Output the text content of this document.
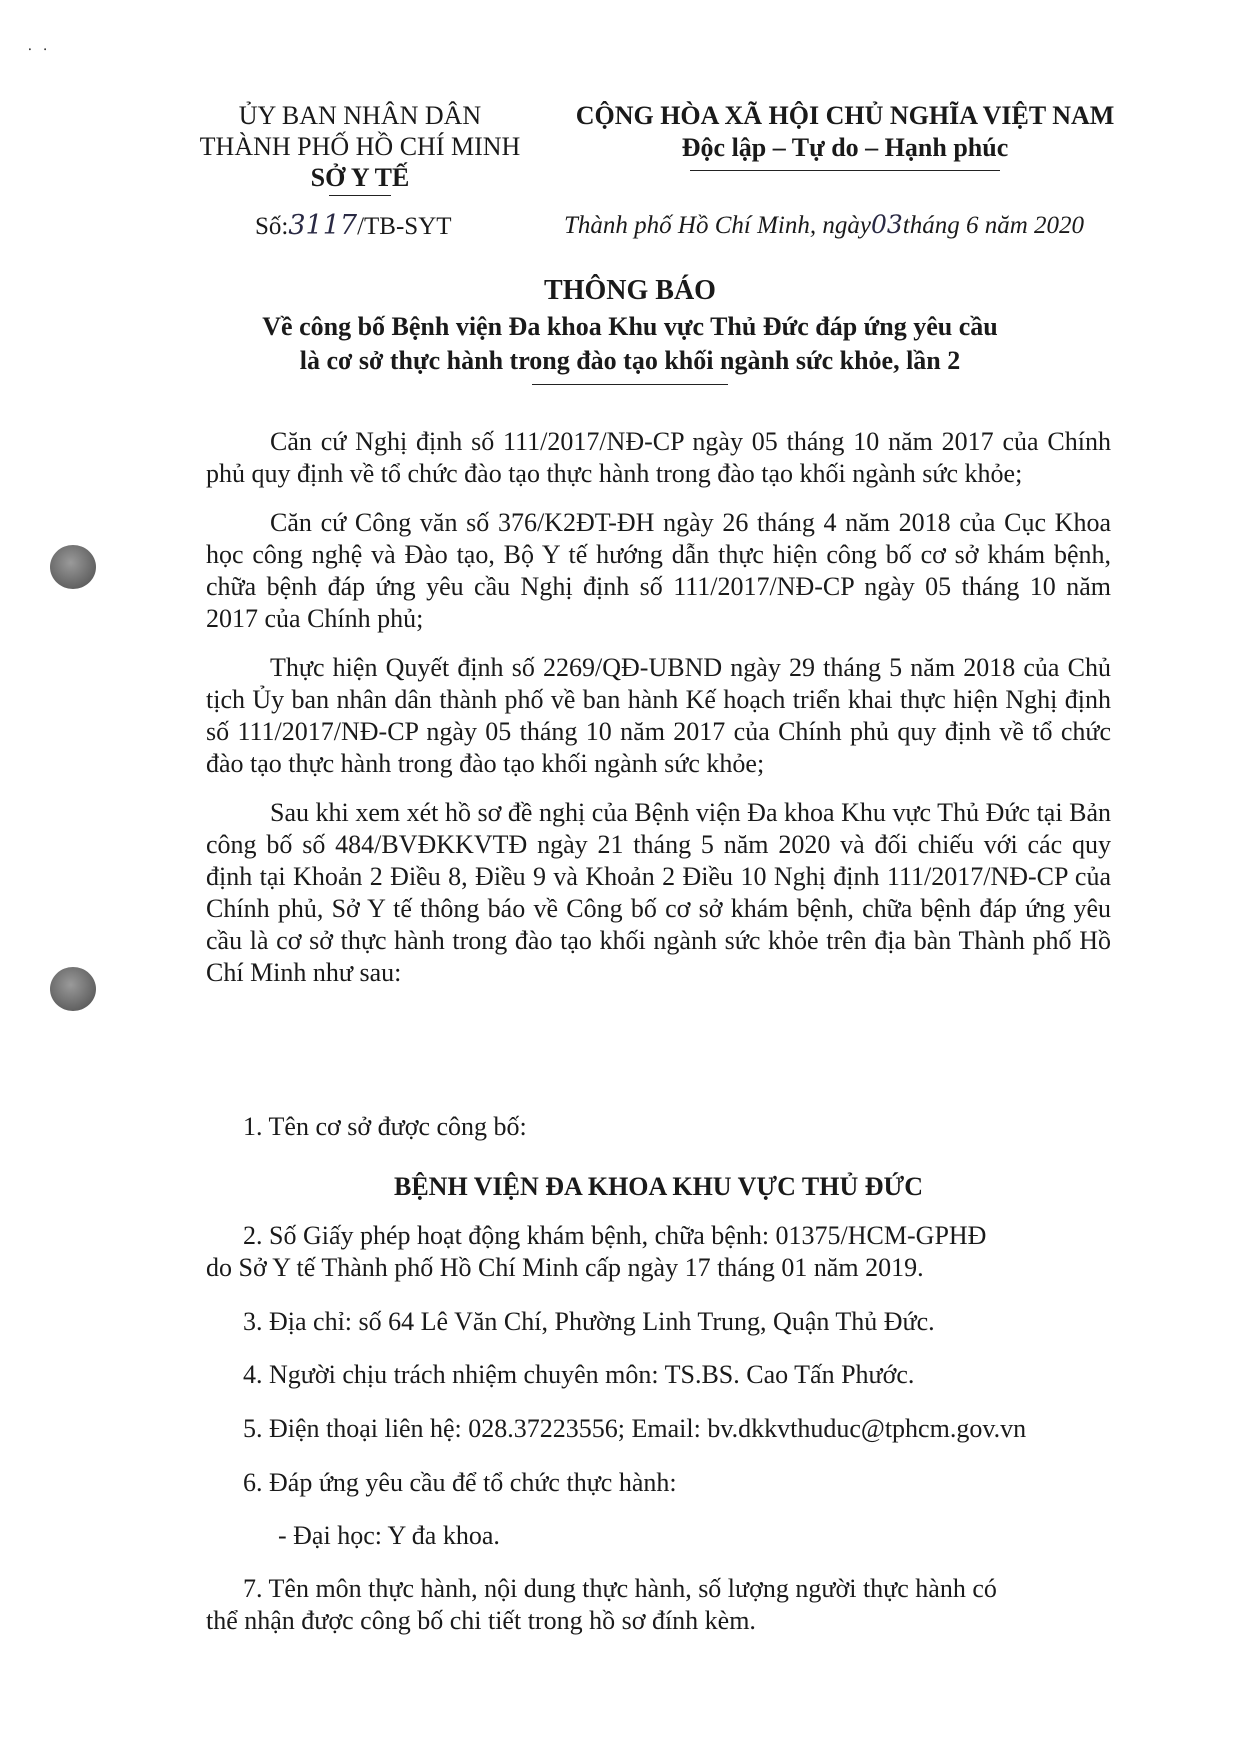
⸱ ⸱
ỦY BAN NHÂN DÂN
THÀNH PHỐ HỒ CHÍ MINH
SỞ Y TẾ
CỘNG HÒA XÃ HỘI CHỦ NGHĨA VIỆT NAM
Độc lập – Tự do – Hạnh phúc
Số:3117/TB-SYT	Thành phố Hồ Chí Minh, ngày03tháng 6 năm 2020
THÔNG BÁO
Về công bố Bệnh viện Đa khoa Khu vực Thủ Đức đáp ứng yêu cầu
là cơ sở thực hành trong đào tạo khối ngành sức khỏe, lần 2

Căn cứ Nghị định số 111/2017/NĐ-CP ngày 05 tháng 10 năm 2017 của Chính phủ quy định về tổ chức đào tạo thực hành trong đào tạo khối ngành sức khỏe;

Căn cứ Công văn số 376/K2ĐT-ĐH ngày 26 tháng 4 năm 2018 của Cục Khoa học công nghệ và Đào tạo, Bộ Y tế hướng dẫn thực hiện công bố cơ sở khám bệnh, chữa bệnh đáp ứng yêu cầu Nghị định số 111/2017/NĐ-CP ngày 05 tháng 10 năm 2017 của Chính phủ;

Thực hiện Quyết định số 2269/QĐ-UBND ngày 29 tháng 5 năm 2018 của Chủ tịch Ủy ban nhân dân thành phố về ban hành Kế hoạch triển khai thực hiện Nghị định số 111/2017/NĐ-CP ngày 05 tháng 10 năm 2017 của Chính phủ quy định về tổ chức đào tạo thực hành trong đào tạo khối ngành sức khỏe;

Sau khi xem xét hồ sơ đề nghị của Bệnh viện Đa khoa Khu vực Thủ Đức tại Bản công bố số 484/BVĐKKVTĐ ngày 21 tháng 5 năm 2020 và đối chiếu với các quy định tại Khoản 2 Điều 8, Điều 9 và Khoản 2 Điều 10 Nghị định 111/2017/NĐ-CP của Chính phủ, Sở Y tế thông báo về Công bố cơ sở khám bệnh, chữa bệnh đáp ứng yêu cầu là cơ sở thực hành trong đào tạo khối ngành sức khỏe trên địa bàn Thành phố Hồ Chí Minh như sau:

1. Tên cơ sở được công bố:
BỆNH VIỆN ĐA KHOA KHU VỰC THỦ ĐỨC
2. Số Giấy phép hoạt động khám bệnh, chữa bệnh: 01375/HCM-GPHĐ
do Sở Y tế Thành phố Hồ Chí Minh cấp ngày 17 tháng 01 năm 2019.
3. Địa chỉ: số 64 Lê Văn Chí, Phường Linh Trung, Quận Thủ Đức.
4. Người chịu trách nhiệm chuyên môn: TS.BS. Cao Tấn Phước.
5. Điện thoại liên hệ: 028.37223556; Email: bv.dkkvthuduc@tphcm.gov.vn
6. Đáp ứng yêu cầu để tổ chức thực hành:
- Đại học: Y đa khoa.
7. Tên môn thực hành, nội dung thực hành, số lượng người thực hành có
thể nhận được công bố chi tiết trong hồ sơ đính kèm.
